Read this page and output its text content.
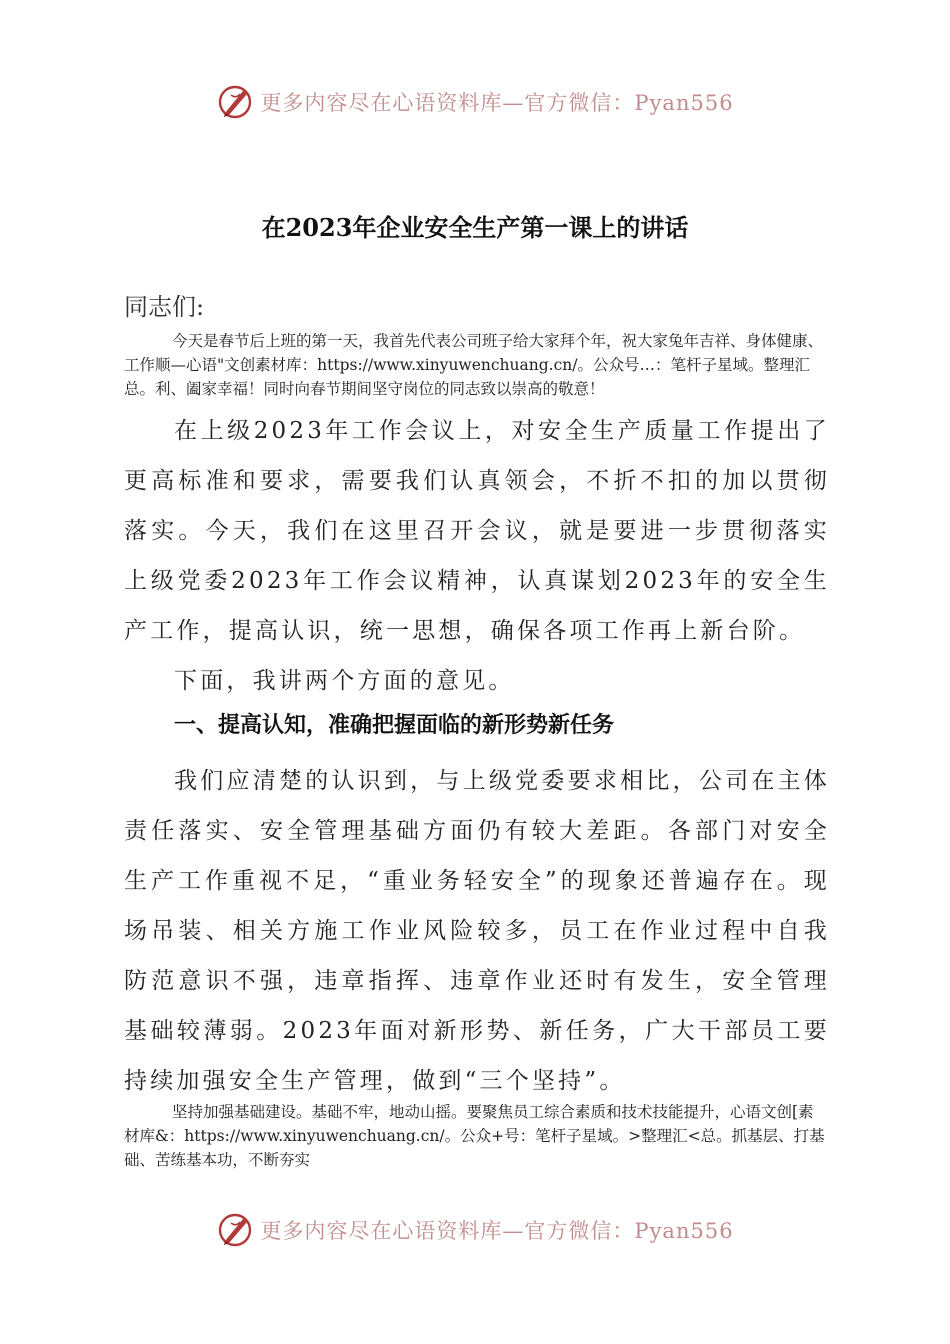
更多内容尽在心语资料库—官方微信：Pyan556
在2023年企业安全生产第一课上的讲话

同志们:

今天是春节后上班的第一天，我首先代表公司班子给大家拜个年，祝大家兔年吉祥、身体健康、工作顺—心语"文创素材库：https://www.xinyuwenchuang.cn/。公众号…：笔杆子星域。整理汇总。利、阖家幸福！同时向春节期间坚守岗位的同志致以崇高的敬意！

在上级2023年工作会议上，对安全生产质量工作提出了更高标准和要求，需要我们认真领会，不折不扣的加以贯彻落实。今天，我们在这里召开会议，就是要进一步贯彻落实上级党委2023年工作会议精神，认真谋划2023年的安全生产工作，提高认识，统一思想，确保各项工作再上新台阶。

下面，我讲两个方面的意见。

一、提高认知，准确把握面临的新形势新任务

我们应清楚的认识到，与上级党委要求相比，公司在主体责任落实、安全管理基础方面仍有较大差距。各部门对安全生产工作重视不足，“重业务轻安全”的现象还普遍存在。现场吊装、相关方施工作业风险较多，员工在作业过程中自我防范意识不强，违章指挥、违章作业还时有发生，安全管理基础较薄弱。2023年面对新形势、新任务，广大干部员工要持续加强安全生产管理，做到“三个坚持”。

坚持加强基础建设。基础不牢，地动山摇。要聚焦员工综合素质和技术技能提升，心语文创[素材库&：https://www.xinyuwenchuang.cn/。公众+号：笔杆子星域。>整理汇<总。抓基层、打基础、苦练基本功，不断夯实

更多内容尽在心语资料库—官方微信：Pyan556
